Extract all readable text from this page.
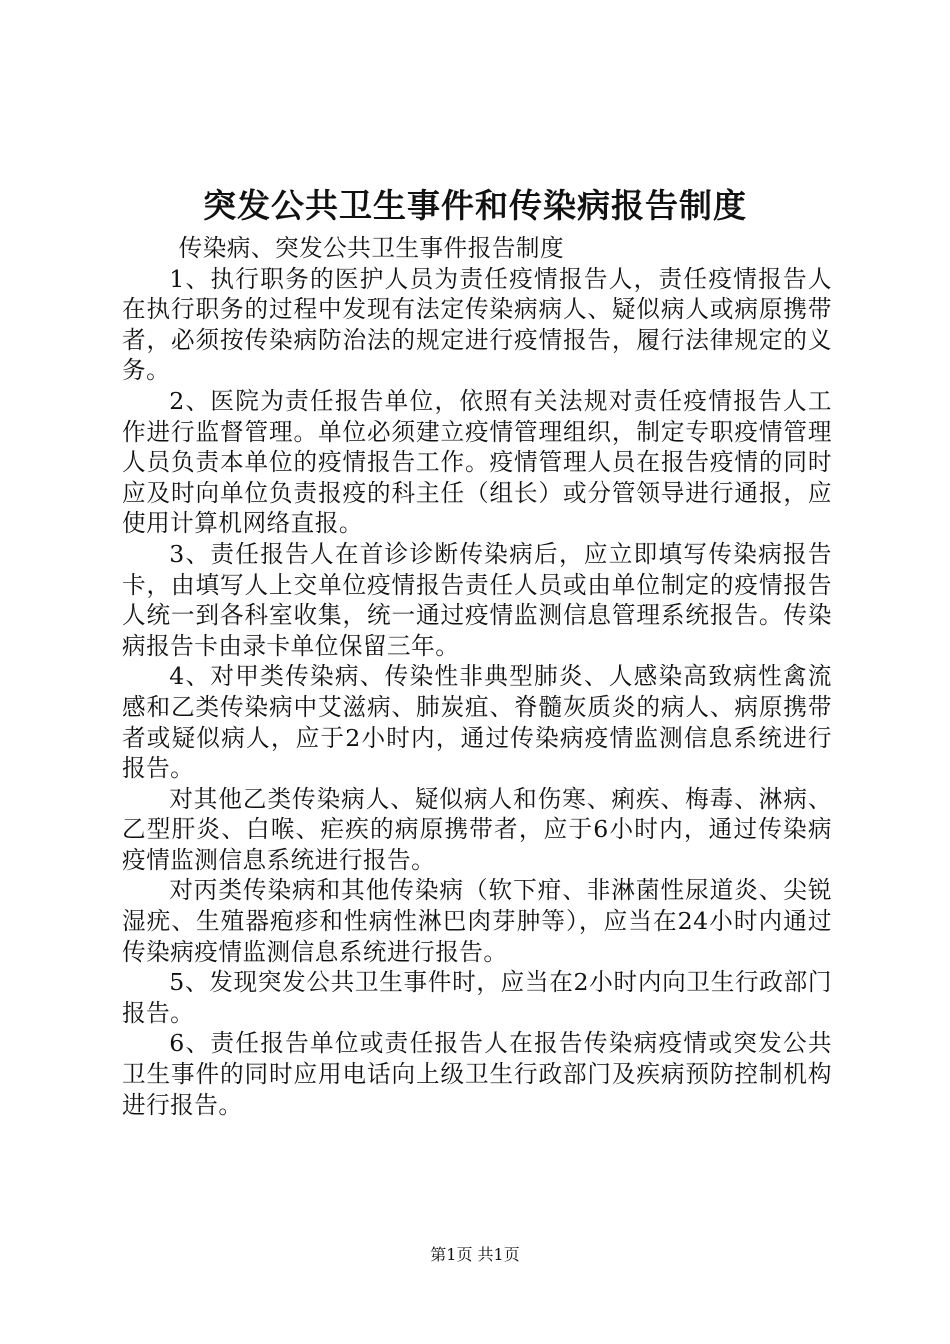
突发公共卫生事件和传染病报告制度

传染病、突发公共卫生事件报告制度

1、执行职务的医护人员为责任疫情报告人，责任疫情报告人在执行职务的过程中发现有法定传染病病人、疑似病人或病原携带者，必须按传染病防治法的规定进行疫情报告，履行法律规定的义务。

2、医院为责任报告单位，依照有关法规对责任疫情报告人工作进行监督管理。单位必须建立疫情管理组织，制定专职疫情管理人员负责本单位的疫情报告工作。疫情管理人员在报告疫情的同时应及时向单位负责报疫的科主任（组长）或分管领导进行通报，应使用计算机网络直报。

3、责任报告人在首诊诊断传染病后，应立即填写传染病报告卡，由填写人上交单位疫情报告责任人员或由单位制定的疫情报告人统一到各科室收集，统一通过疫情监测信息管理系统报告。传染病报告卡由录卡单位保留三年。

4、对甲类传染病、传染性非典型肺炎、人感染高致病性禽流感和乙类传染病中艾滋病、肺炭疽、脊髓灰质炎的病人、病原携带者或疑似病人，应于2小时内，通过传染病疫情监测信息系统进行报告。

对其他乙类传染病人、疑似病人和伤寒、痢疾、梅毒、淋病、乙型肝炎、白喉、疟疾的病原携带者，应于6小时内，通过传染病疫情监测信息系统进行报告。

对丙类传染病和其他传染病（软下疳、非淋菌性尿道炎、尖锐湿疣、生殖器疱疹和性病性淋巴肉芽肿等），应当在24小时内通过传染病疫情监测信息系统进行报告。

5、发现突发公共卫生事件时，应当在2小时内向卫生行政部门报告。

6、责任报告单位或责任报告人在报告传染病疫情或突发公共卫生事件的同时应用电话向上级卫生行政部门及疾病预防控制机构进行报告。

第1页 共1页
